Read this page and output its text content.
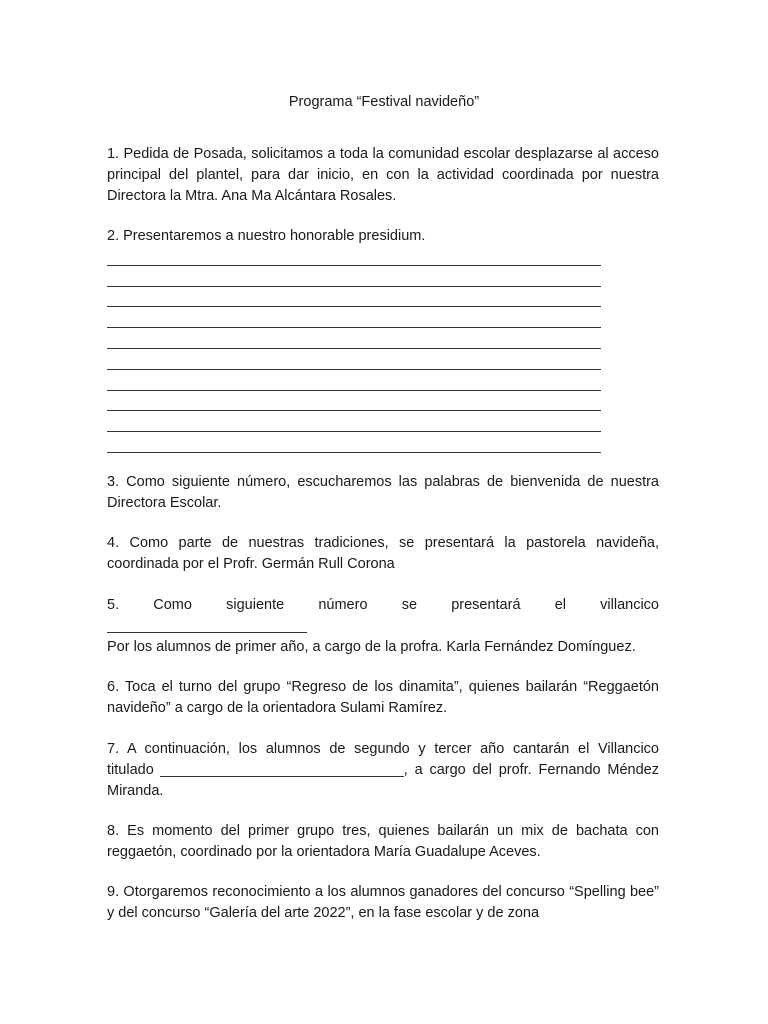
Programa “Festival navideño”

1. Pedida de Posada, solicitamos a toda la comunidad escolar desplazarse al acceso principal del plantel, para dar inicio, en con la actividad coordinada por nuestra Directora la Mtra. Ana Ma Alcántara Rosales.

2. Presentaremos a nuestro honorable presidium.

3. Como siguiente número, escucharemos las palabras de bienvenida de nuestra Directora Escolar.

4. Como parte de nuestras tradiciones, se presentará la pastorela navideña, coordinada por el Profr. Germán Rull Corona

5. Como siguiente número se presentará el villancico

Por los alumnos de primer año, a cargo de la profra. Karla Fernández Domínguez.

6. Toca el turno del grupo “Regreso de los dinamita”, quienes bailarán “Reggaetón navideño” a cargo de la orientadora Sulami Ramírez.

7. A continuación, los alumnos de segundo y tercer año cantarán el Villancico
titulado	, a cargo del profr. Fernando Méndez

Miranda.

8. Es momento del primer grupo tres, quienes bailarán un mix de bachata con reggaetón, coordinado por la orientadora María Guadalupe Aceves.

9. Otorgaremos reconocimiento a los alumnos ganadores del concurso “Spelling bee” y del concurso “Galería del arte 2022”, en la fase escolar y de zona
